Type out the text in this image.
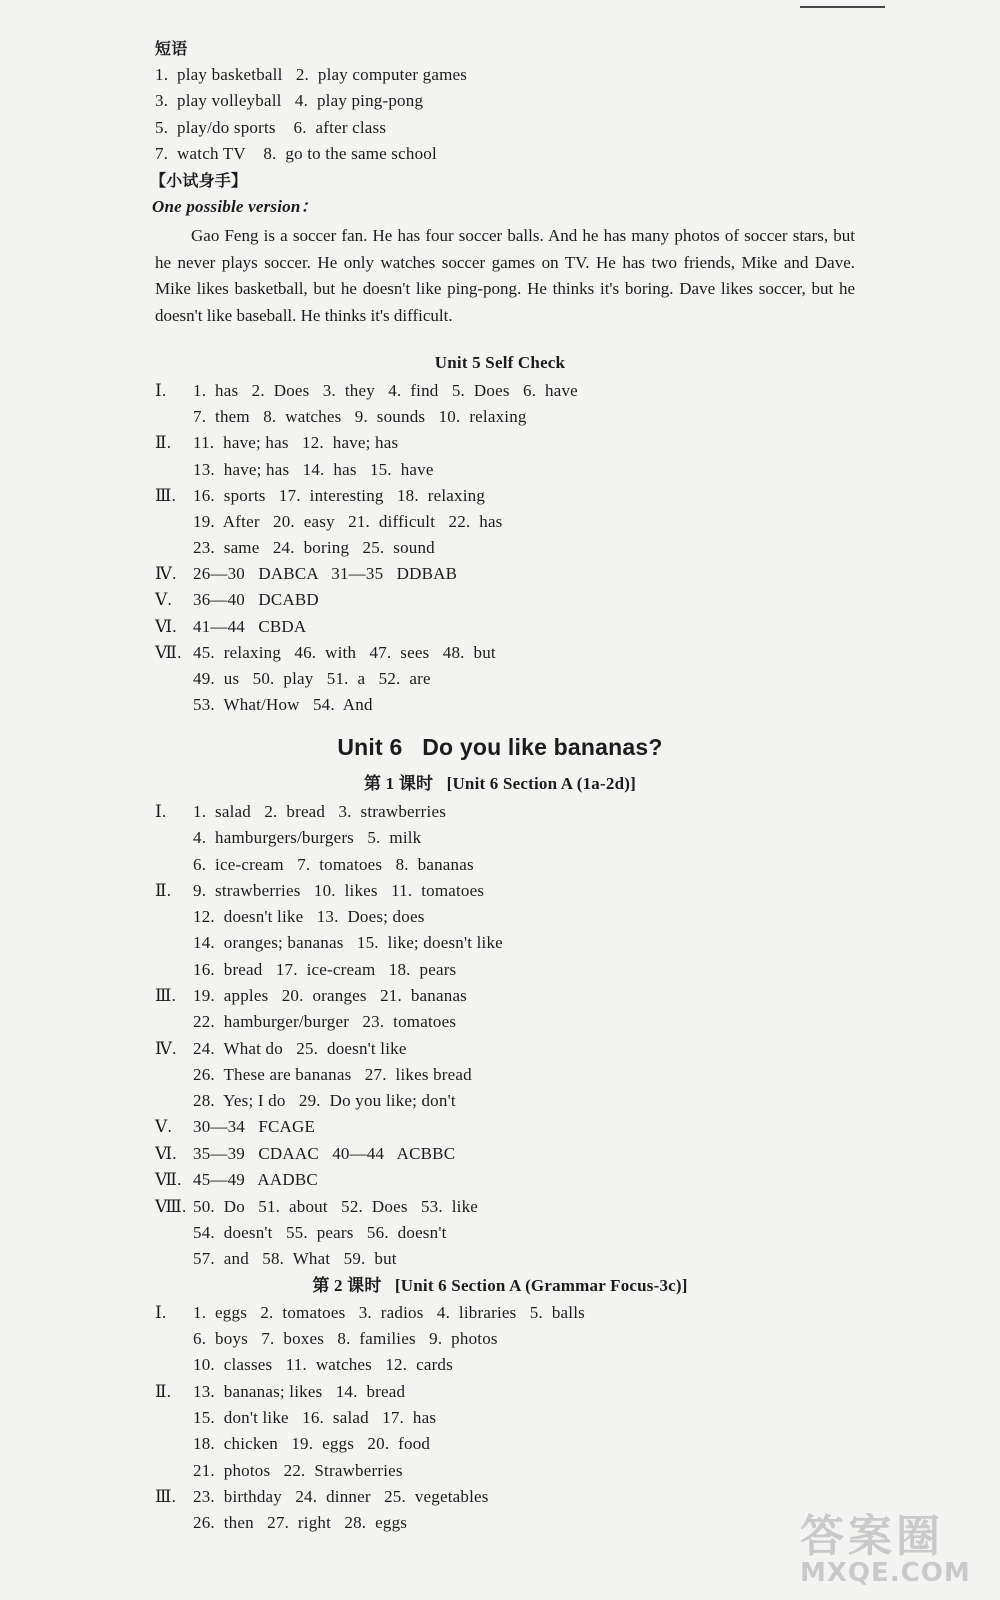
短语
1.  play basketball   2.  play computer games
3.  play volleyball   4.  play ping-pong
5.  play/do sports    6.  after class
7.  watch TV    8.  go to the same school
【小试身手】
One possible version：
Gao Feng is a soccer fan. He has four soccer balls. And he has many photos of soccer stars, but he never plays soccer. He only watches soccer games on TV. He has two friends, Mike and Dave. Mike likes basketball, but he doesn't like ping-pong. He thinks it's boring. Dave likes soccer, but he doesn't like baseball. He thinks it's difficult.
Unit 5 Self Check
Ⅰ. 1.  has   2.  Does   3.  they   4.  find   5.  Does   6.  have
7.  them   8.  watches   9.  sounds   10.  relaxing
Ⅱ. 11.  have; has   12.  have; has
13.  have; has   14.  has   15.  have
Ⅲ. 16.  sports   17.  interesting   18.  relaxing
19.  After   20.  easy   21.  difficult   22.  has
23.  same   24.  boring   25.  sound
Ⅳ. 26—30   DABCA   31—35   DDBAB
Ⅴ. 36—40   DCABD
Ⅵ. 41—44   CBDA
Ⅶ. 45.  relaxing   46.  with   47.  sees   48.  but
49.  us   50.  play   51.  a   52.  are
53.  What/How   54.  And
Unit 6   Do you like bananas?
第 1 课时   [Unit 6 Section A (1a-2d)]
Ⅰ. 1.  salad   2.  bread   3.  strawberries
4.  hamburgers/burgers   5.  milk
6.  ice-cream   7.  tomatoes   8.  bananas
Ⅱ. 9.  strawberries   10.  likes   11.  tomatoes
12.  doesn't like   13.  Does; does
14.  oranges; bananas   15.  like; doesn't like
16.  bread   17.  ice-cream   18.  pears
Ⅲ. 19.  apples   20.  oranges   21.  bananas
22.  hamburger/burger   23.  tomatoes
Ⅳ. 24.  What do   25.  doesn't like
26.  These are bananas   27.  likes bread
28.  Yes; I do   29.  Do you like; don't
Ⅴ. 30—34   FCAGE
Ⅵ. 35—39   CDAAC   40—44   ACBBC
Ⅶ. 45—49   AADBC
Ⅷ. 50.  Do   51.  about   52.  Does   53.  like
54.  doesn't   55.  pears   56.  doesn't
57.  and   58.  What   59.  but
第 2 课时   [Unit 6 Section A (Grammar Focus-3c)]
Ⅰ. 1.  eggs   2.  tomatoes   3.  radios   4.  libraries   5.  balls
6.  boys   7.  boxes   8.  families   9.  photos
10.  classes   11.  watches   12.  cards
Ⅱ. 13.  bananas; likes   14.  bread
15.  don't like   16.  salad   17.  has
18.  chicken   19.  eggs   20.  food
21.  photos   22.  Strawberries
Ⅲ. 23.  birthday   24.  dinner   25.  vegetables
26.  then   27.  right   28.  eggs	答案圈
MXQE.COM
